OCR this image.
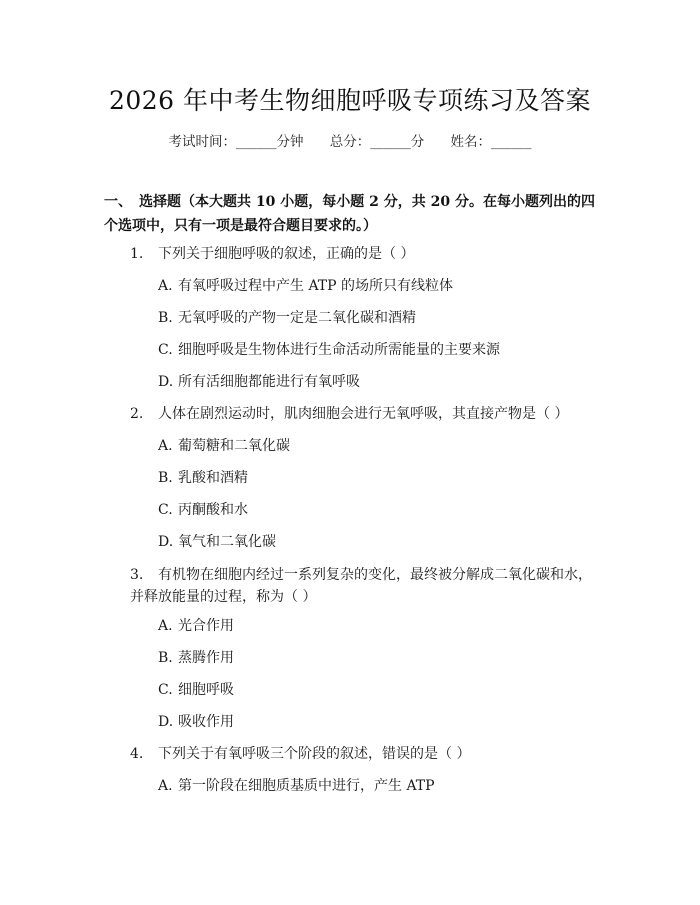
2026 年中考生物细胞呼吸专项练习及答案
考试时间：______分钟 总分：______分 姓名：______
一、　选择题（本大题共 10 小题，每小题 2 分，共 20 分。在每小题列出的四个选项中，只有一项是最符合题目要求的。）
1. 下列关于细胞呼吸的叙述，正确的是（ ）
A. 有氧呼吸过程中产生 ATP 的场所只有线粒体
B. 无氧呼吸的产物一定是二氧化碳和酒精
C. 细胞呼吸是生物体进行生命活动所需能量的主要来源
D. 所有活细胞都能进行有氧呼吸
2. 人体在剧烈运动时，肌肉细胞会进行无氧呼吸，其直接产物是（ ）
A. 葡萄糖和二氧化碳
B. 乳酸和酒精
C. 丙酮酸和水
D. 氧气和二氧化碳
3. 有机物在细胞内经过一系列复杂的变化，最终被分解成二氧化碳和水，并释放能量的过程，称为（ ）
A. 光合作用
B. 蒸腾作用
C. 细胞呼吸
D. 吸收作用
4. 下列关于有氧呼吸三个阶段的叙述，错误的是（ ）
A. 第一阶段在细胞质基质中进行，产生 ATP
